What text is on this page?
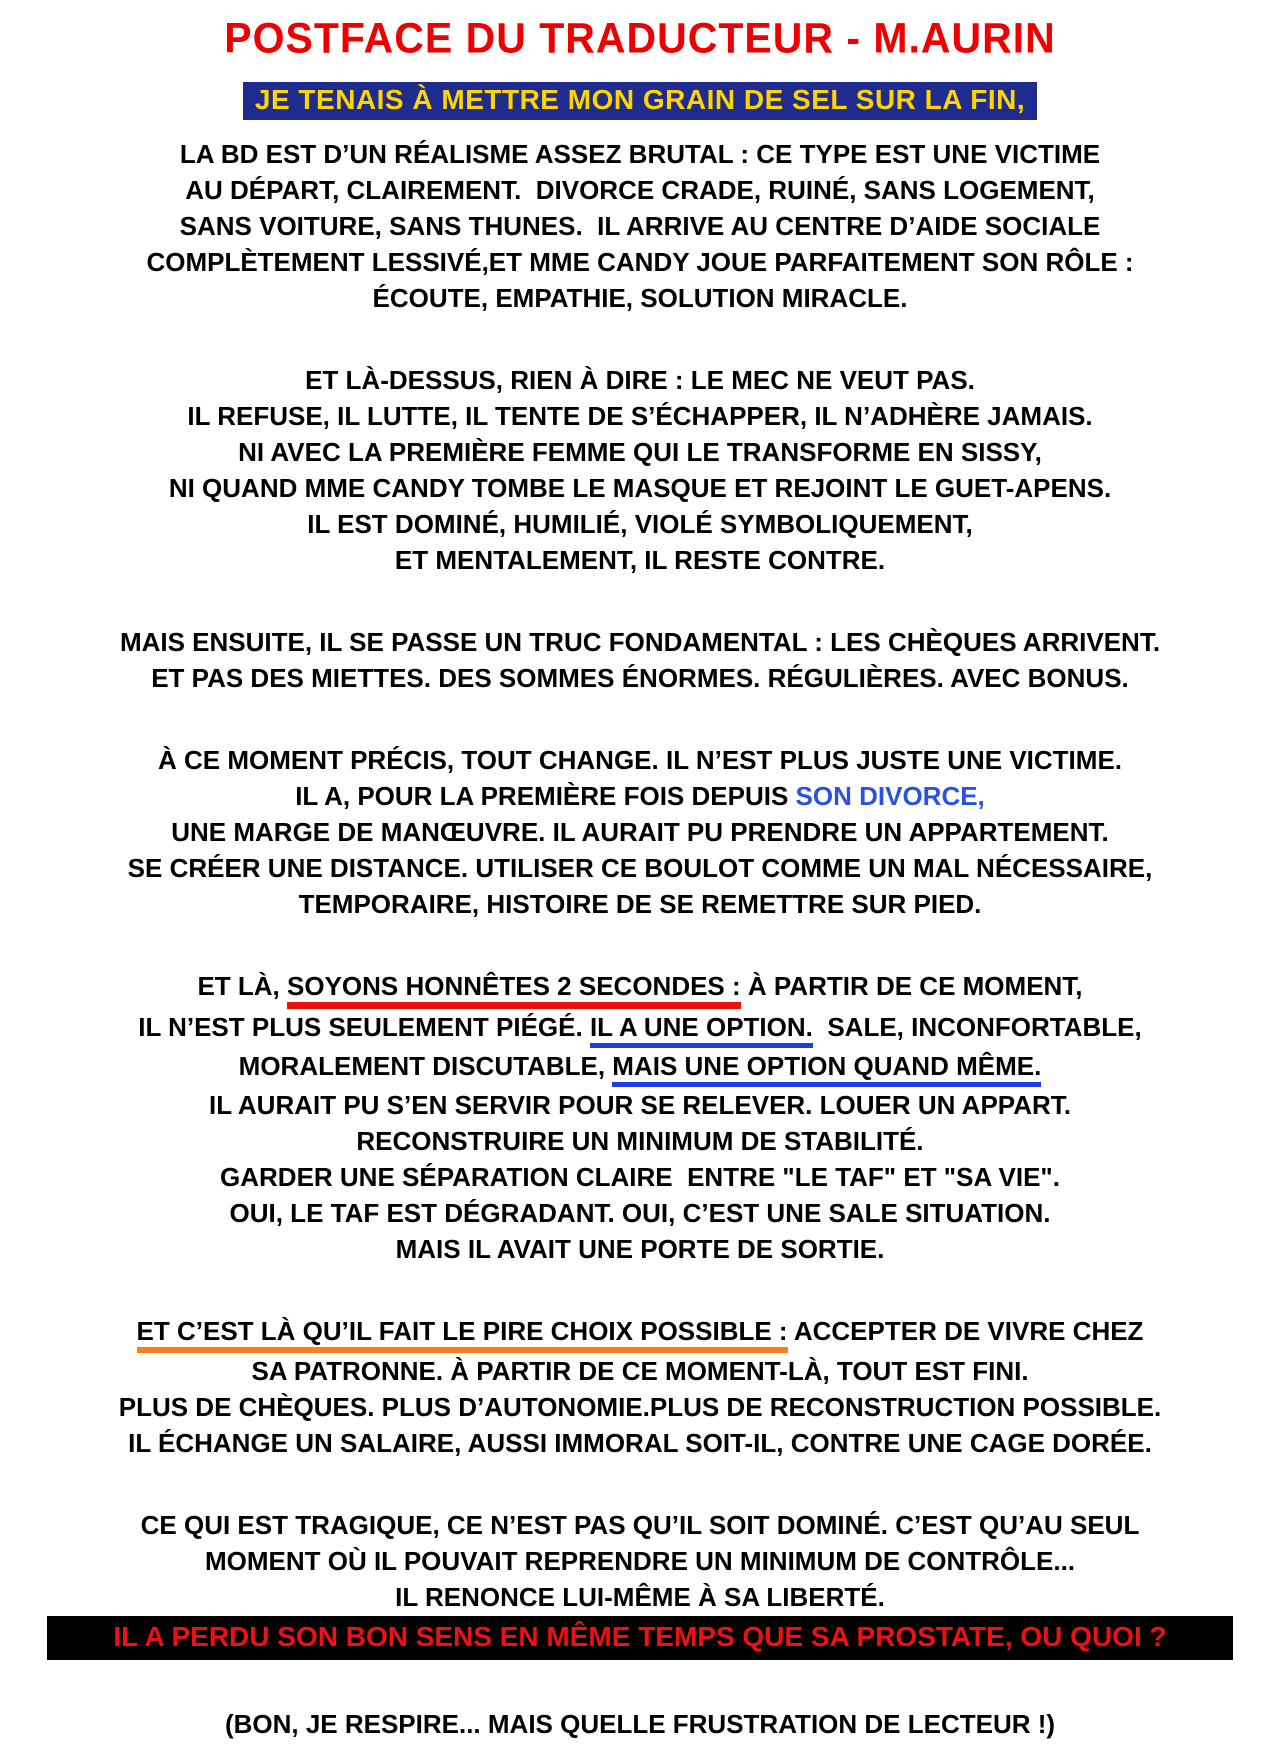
POSTFACE DU TRADUCTEUR - M.AURIN
JE TENAIS À METTRE MON GRAIN DE SEL SUR LA FIN,
LA BD EST D’UN RÉALISME ASSEZ BRUTAL : CE TYPE EST UNE VICTIME
AU DÉPART, CLAIREMENT.  DIVORCE CRADE, RUINÉ, SANS LOGEMENT,
SANS VOITURE, SANS THUNES.  IL ARRIVE AU CENTRE D’AIDE SOCIALE
COMPLÈTEMENT LESSIVÉ,ET MME CANDY JOUE PARFAITEMENT SON RÔLE :
ÉCOUTE, EMPATHIE, SOLUTION MIRACLE.
ET LÀ-DESSUS, RIEN À DIRE : LE MEC NE VEUT PAS.
IL REFUSE, IL LUTTE, IL TENTE DE S’ÉCHAPPER, IL N’ADHÈRE JAMAIS.
NI AVEC LA PREMIÈRE FEMME QUI LE TRANSFORME EN SISSY,
NI QUAND MME CANDY TOMBE LE MASQUE ET REJOINT LE GUET-APENS.
IL EST DOMINÉ, HUMILIÉ, VIOLÉ SYMBOLIQUEMENT,
ET MENTALEMENT, IL RESTE CONTRE.
MAIS ENSUITE, IL SE PASSE UN TRUC FONDAMENTAL : LES CHÈQUES ARRIVENT.
ET PAS DES MIETTES. DES SOMMES ÉNORMES. RÉGULIÈRES. AVEC BONUS.
À CE MOMENT PRÉCIS, TOUT CHANGE. IL N’EST PLUS JUSTE UNE VICTIME.
IL A, POUR LA PREMIÈRE FOIS DEPUIS SON DIVORCE,
UNE MARGE DE MANŒUVRE. IL AURAIT PU PRENDRE UN APPARTEMENT.
SE CRÉER UNE DISTANCE. UTILISER CE BOULOT COMME UN MAL NÉCESSAIRE,
TEMPORAIRE, HISTOIRE DE SE REMETTRE SUR PIED.
ET LÀ, SOYONS HONNÊTES 2 SECONDES : À PARTIR DE CE MOMENT,
IL N’EST PLUS SEULEMENT PIÉGÉ. IL A UNE OPTION.  SALE, INCONFORTABLE,
MORALEMENT DISCUTABLE, MAIS UNE OPTION QUAND MÊME.
IL AURAIT PU S’EN SERVIR POUR SE RELEVER. LOUER UN APPART.
RECONSTRUIRE UN MINIMUM DE STABILITÉ.
GARDER UNE SÉPARATION CLAIRE  ENTRE "LE TAF" ET "SA VIE".
OUI, LE TAF EST DÉGRADANT. OUI, C’EST UNE SALE SITUATION.
MAIS IL AVAIT UNE PORTE DE SORTIE.
ET C’EST LÀ QU’IL FAIT LE PIRE CHOIX POSSIBLE : ACCEPTER DE VIVRE CHEZ
SA PATRONNE. À PARTIR DE CE MOMENT-LÀ, TOUT EST FINI.
PLUS DE CHÈQUES. PLUS D’AUTONOMIE.PLUS DE RECONSTRUCTION POSSIBLE.
IL ÉCHANGE UN SALAIRE, AUSSI IMMORAL SOIT-IL, CONTRE UNE CAGE DORÉE.
CE QUI EST TRAGIQUE, CE N’EST PAS QU’IL SOIT DOMINÉ. C’EST QU’AU SEUL
MOMENT OÙ IL POUVAIT REPRENDRE UN MINIMUM DE CONTRÔLE...
IL RENONCE LUI-MÊME À SA LIBERTÉ.
IL A PERDU SON BON SENS EN MÊME TEMPS QUE SA PROSTATE, OU QUOI ?
(BON, JE RESPIRE... MAIS QUELLE FRUSTRATION DE LECTEUR !)
